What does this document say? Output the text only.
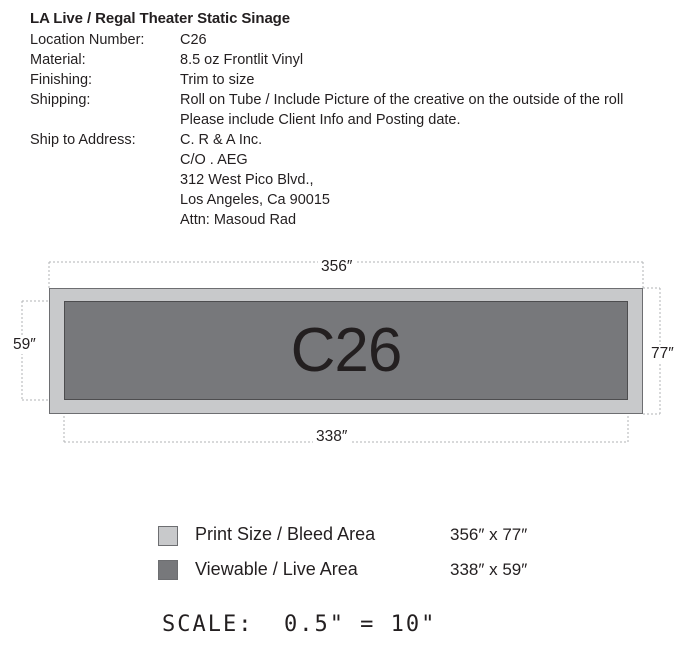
LA Live / Regal Theater Static Sinage
Location Number:	C26
Material:	8.5 oz Frontlit Vinyl
Finishing:	Trim to size
Shipping:	Roll on Tube / Include Picture of the creative on the outside of the roll
Please include Client Info and Posting date.
Ship to Address:	C. R & A Inc.
C/O . AEG
312 West Pico Blvd.,
Los Angeles, Ca 90015
Attn: Masoud Rad
C26
356″
338″
59″
77″
Print Size / Bleed Area	356″ x 77″
Viewable / Live Area	338″ x 59″
SCALE:  0.5" = 10"
